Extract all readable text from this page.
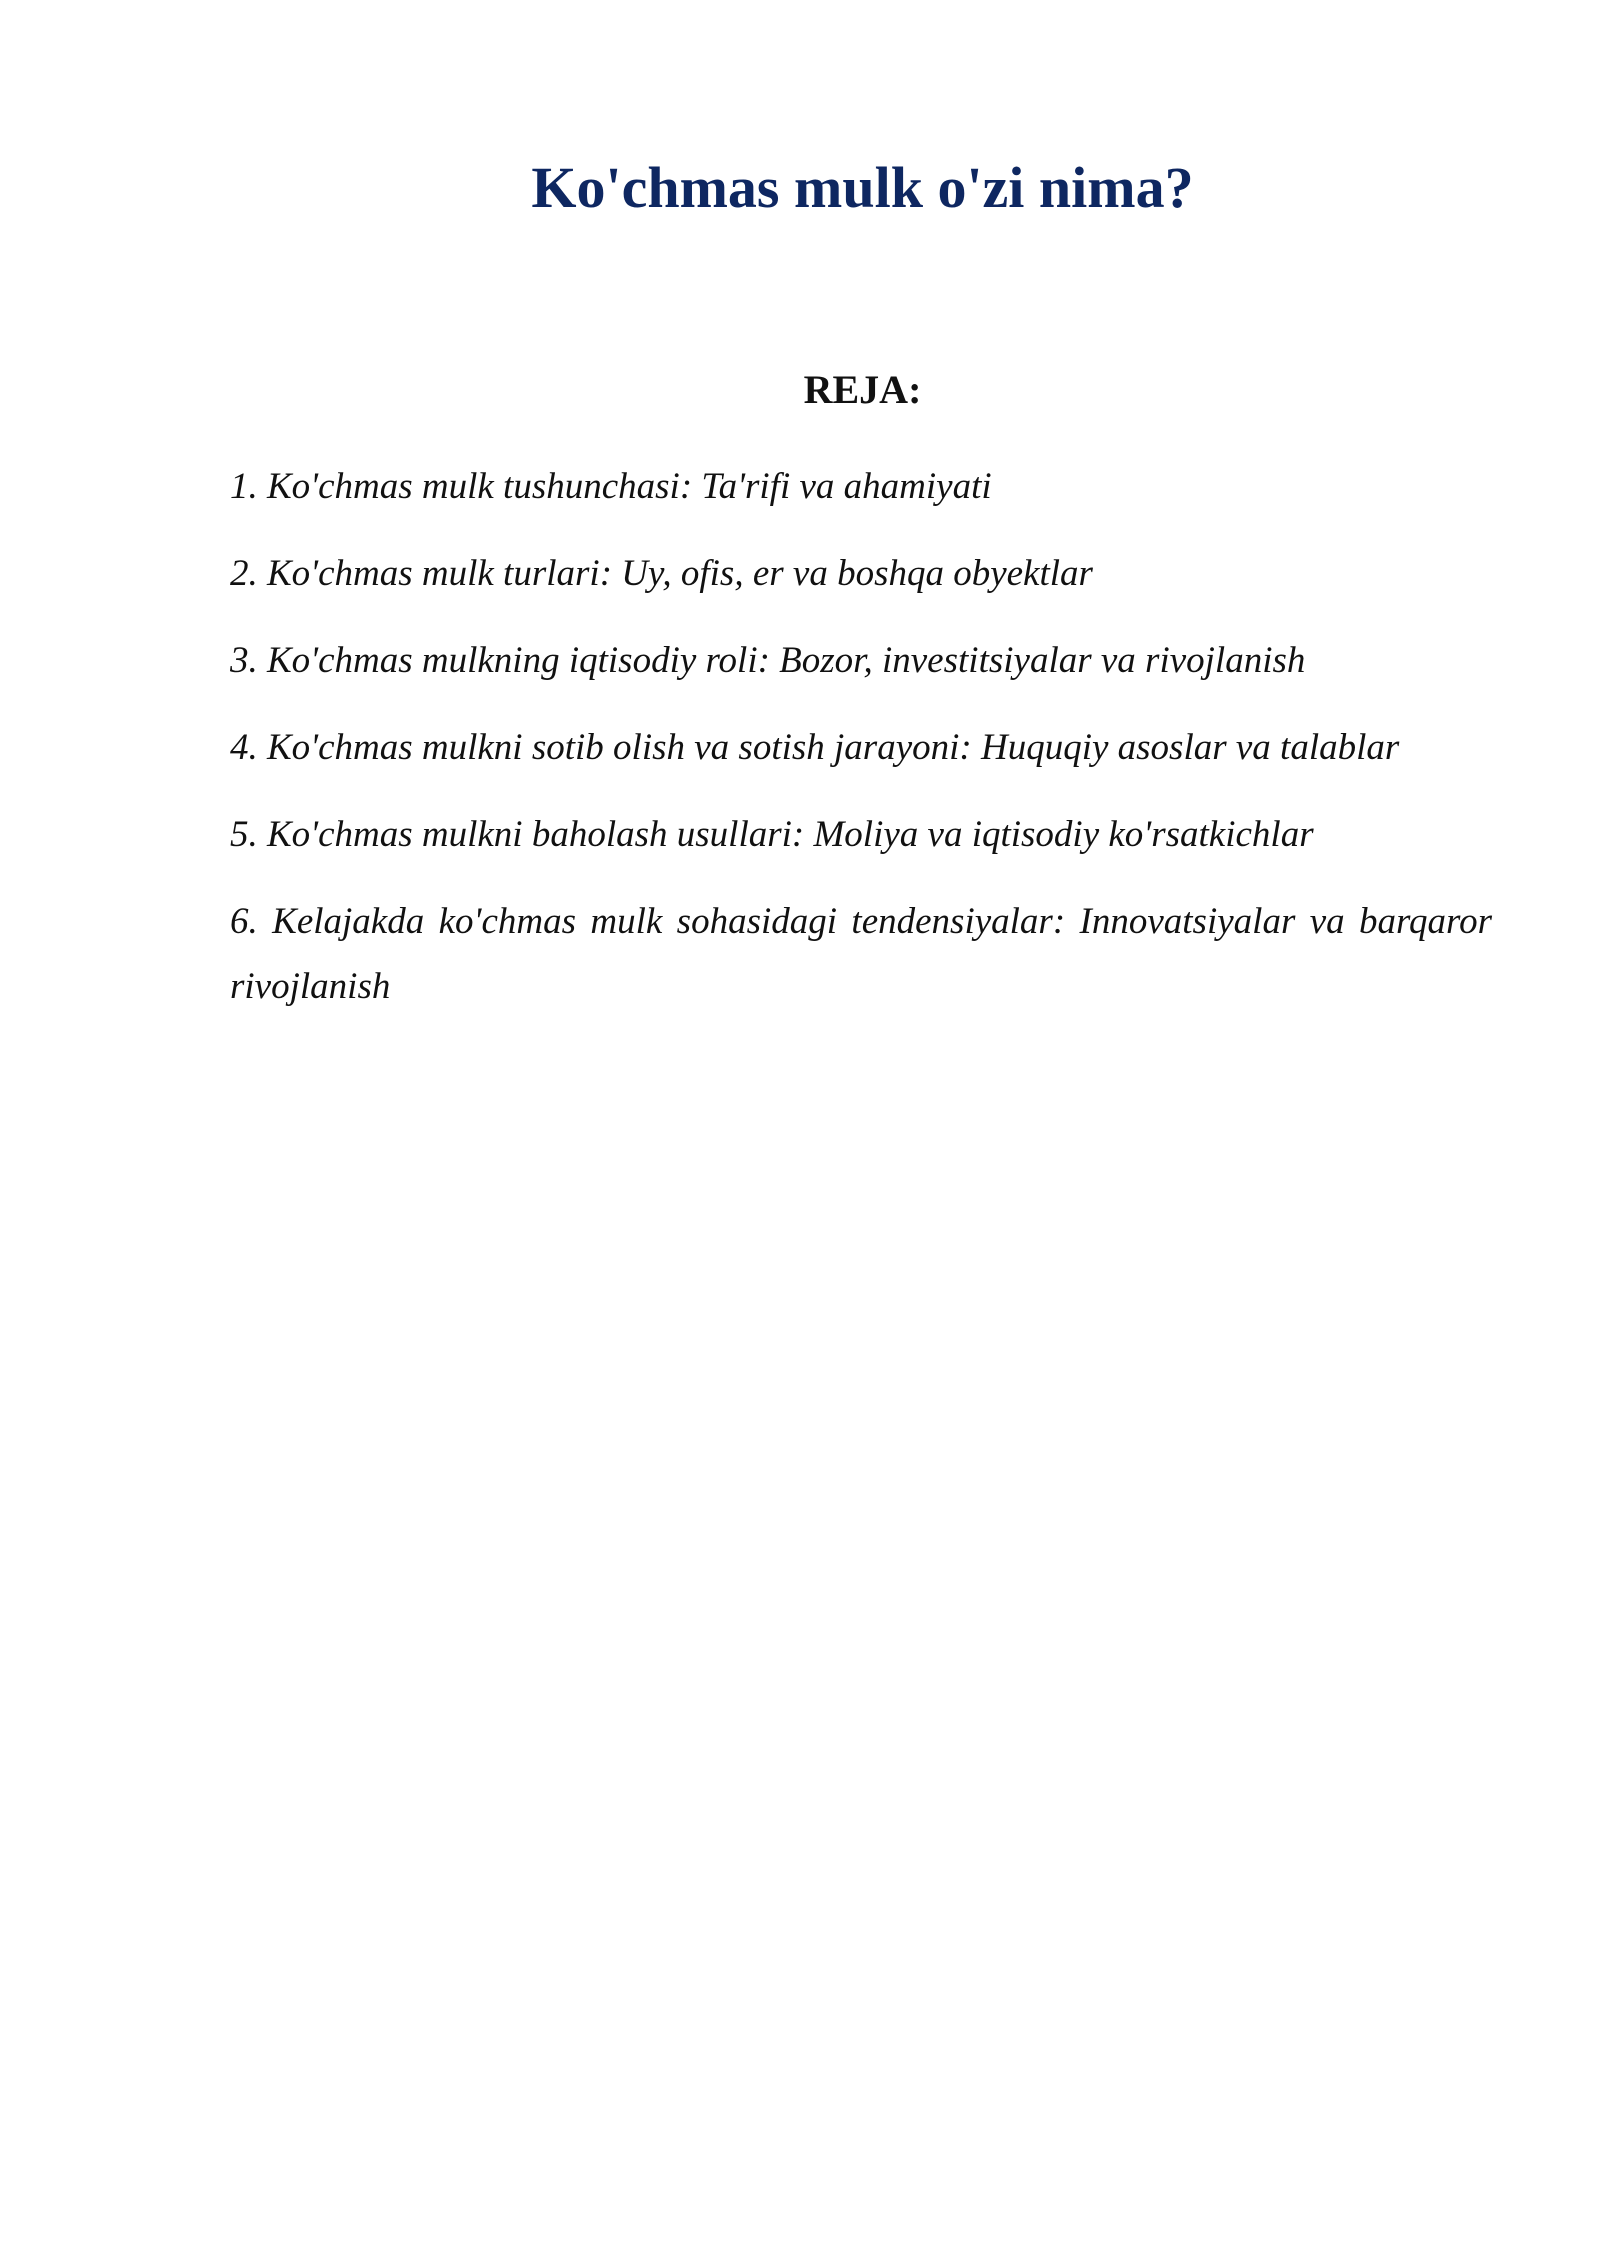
Ko'chmas mulk o'zi nima?
REJA:
1. Ko'chmas mulk tushunchasi: Ta'rifi va ahamiyati
2. Ko'chmas mulk turlari: Uy, ofis, er va boshqa obyektlar
3. Ko'chmas mulkning iqtisodiy roli: Bozor, investitsiyalar va rivojlanish
4. Ko'chmas mulkni sotib olish va sotish jarayoni: Huquqiy asoslar va talablar
5. Ko'chmas mulkni baholash usullari: Moliya va iqtisodiy ko'rsatkichlar
6. Kelajakda ko'chmas mulk sohasidagi tendensiyalar: Innovatsiyalar va barqaror rivojlanish
